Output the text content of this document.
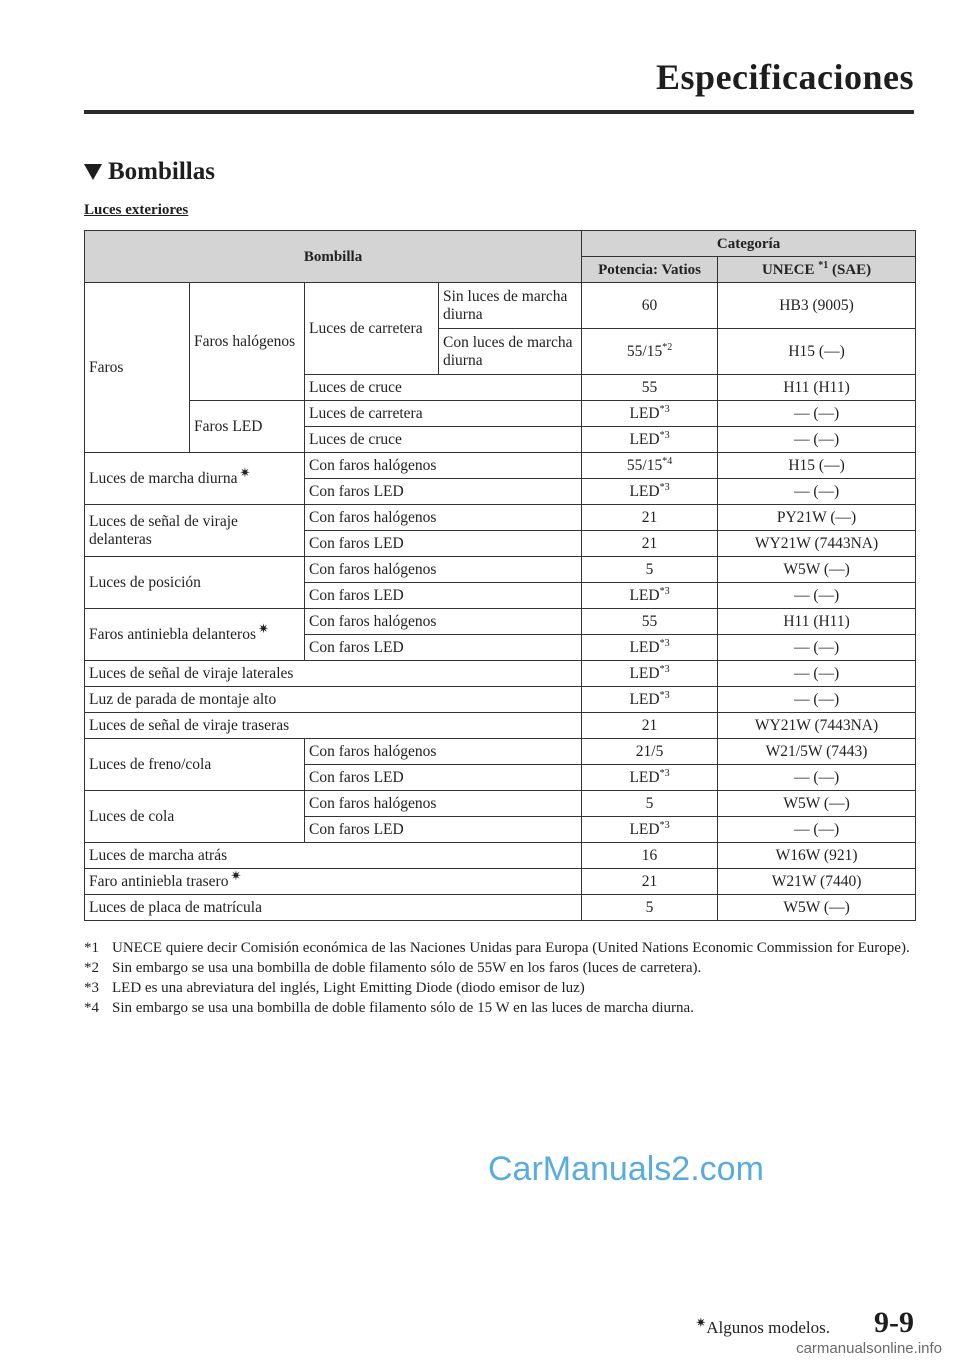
Especificaciones
Bombillas
Luces exteriores
Bombilla				Categoría	
				Potencia: Vatios	UNECE $^{*1}$ (SAE)
Faros	Faros halógenos	Luces de carretera	Sin luces de marcha diurna	60	HB3 (9005)
			Con luces de marcha diurna	55/15$^{*2}$	H15 (—)
		Luces de cruce		55	H11 (H11)
	Faros LED	Luces de carretera		LED$^{*3}$	— (—)
		Luces de cruce		LED$^{*3}$	— (—)
Luces de marcha diurna ✷		Con faros halógenos		55/15$^{*4}$	H15 (—)
		Con faros LED		LED$^{*3}$	— (—)
Luces de señal de viraje delanteras		Con faros halógenos		21	PY21W (—)
		Con faros LED		21	WY21W (7443NA)
Luces de posición		Con faros halógenos		5	W5W (—)
		Con faros LED		LED$^{*3}$	— (—)
Faros antiniebla delanteros ✷		Con faros halógenos		55	H11 (H11)
		Con faros LED		LED$^{*3}$	— (—)
Luces de señal de viraje laterales				LED$^{*3}$	— (—)
Luz de parada de montaje alto				LED$^{*3}$	— (—)
Luces de señal de viraje traseras				21	WY21W (7443NA)
Luces de freno/cola		Con faros halógenos		21/5	W21/5W (7443)
		Con faros LED		LED$^{*3}$	— (—)
Luces de cola		Con faros halógenos		5	W5W (—)
		Con faros LED		LED$^{*3}$	— (—)
Luces de marcha atrás				16	W16W (921)
Faro antiniebla trasero ✷				21	W21W (7440)
Luces de placa de matrícula				5	W5W (—)
*1 UNECE quiere decir Comisión económica de las Naciones Unidas para Europa (United Nations Economic Commission for Europe).
*2 Sin embargo se usa una bombilla de doble filamento sólo de 55W en los faros (luces de carretera).
*3 LED es una abreviatura del inglés, Light Emitting Diode (diodo emisor de luz)
*4 Sin embargo se usa una bombilla de doble filamento sólo de 15 W en las luces de marcha diurna.
CarManuals2.com
✷Algunos modelos. 9-9
carmanualsonline.info
